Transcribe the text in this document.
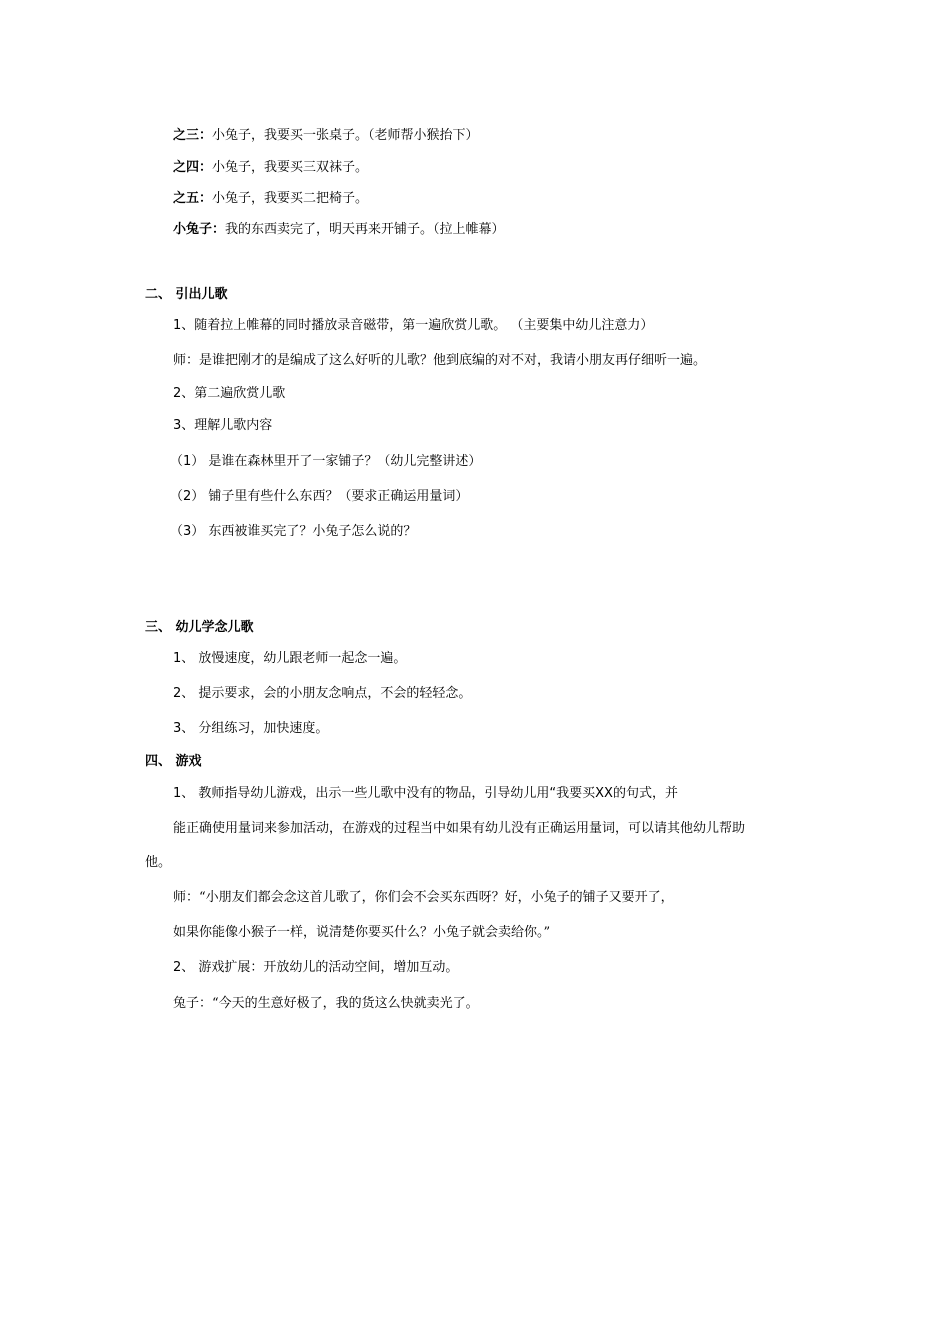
之三：小兔子，我要买一张桌子。（老师帮小猴抬下）
之四：小兔子，我要买三双袜子。
之五：小兔子，我要买二把椅子。
小兔子：我的东西卖完了，明天再来开铺子。（拉上帷幕）
二、 引出儿歌
1、随着拉上帷幕的同时播放录音磁带，第一遍欣赏儿歌。 （主要集中幼儿注意力）
师：是谁把刚才的是编成了这么好听的儿歌？他到底编的对不对，我请小朋友再仔细听一遍。
2、第二遍欣赏儿歌
3、理解儿歌内容
（1） 是谁在森林里开了一家铺子？（幼儿完整讲述）
（2） 铺子里有些什么东西？（要求正确运用量词）
（3） 东西被谁买完了？小兔子怎么说的？
三、 幼儿学念儿歌
1、 放慢速度，幼儿跟老师一起念一遍。
2、 提示要求，会的小朋友念响点，不会的轻轻念。
3、 分组练习，加快速度。
四、 游戏
1、 教师指导幼儿游戏，出示一些儿歌中没有的物品，引导幼儿用“我要买XX的句式，并
能正确使用量词来参加活动，在游戏的过程当中如果有幼儿没有正确运用量词，可以请其他幼儿帮助
他。
师：“小朋友们都会念这首儿歌了，你们会不会买东西呀？好，小兔子的铺子又要开了，
如果你能像小猴子一样，说清楚你要买什么？小兔子就会卖给你。”
2、 游戏扩展：开放幼儿的活动空间，增加互动。
兔子：“今天的生意好极了，我的货这么快就卖光了。
